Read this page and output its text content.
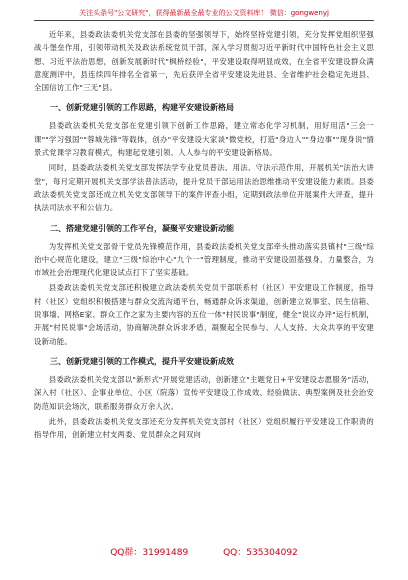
关注头条号"公文研究"，获得最新最全最专业的公文资料库！ 微信：gongwenyj

近年来，县委政法委机关党支部在县委的坚强领导下，始终坚持党建引领，充分发挥党组织坚强战斗堡垒作用，引领带动机关及政法系统党员干部，深入学习贯彻习近平新时代中国特色社会主义思想、习近平法治思想，创新发展新时代"枫桥经验"，平安建设取得明显成效，在全省平安建设群众满意度测评中，县连续四年排名全省第一，先后获评全省平安建设先进县、全省维护社会稳定先进县、全国信访工作"三无"县。

一、创新党建引领的工作思路，构建平安建设新格局

县委政法委机关党支部在党建引领下创新工作思路，建立常态化学习机制，用好用活"三会一课""学习强国""蓉城先锋"等载体，创办"平安建设大家谈"微党校，打造"身边人""身边事""现身说"情景式党课学习教育模式，构建起党建引领、人人参与的平安建设新格局。

同时，县委政法委机关党支部发挥法学专业党员普法、用法、守法示范作用，开展机关"法治大讲堂"，每月定期开展机关支部学法普法活动，提升党员干部运用法治思维推动平安建设能力素质。县委政法委机关党支部还成立机关党支部领导下的案件评查小组，定期到政法单位开展案件大评查，提升执法司法水平和公信力。

二、搭建党建引领的工作平台，凝聚平安建设新动能

为发挥机关党支部骨干党员先锋模范作用，县委政法委机关党支部牵头推动落实县镇村"三级"综治中心规范化建设，建立"三级"综治中心"九个一"管理制度，推动平安建设固基强身、力量整合，为市域社会治理现代化建设试点打下了坚实基础。

县委政法委机关党支部还积极建立政法委机关党员干部联系村（社区）平安建设工作制度，指导村（社区）党组织积极搭建与群众交流沟通平台，畅通群众诉求渠道，创新建立说事室、民生信箱、说事墙、网格E家、群众工作之家为主要内容的五位一体"村民说事"制度，健全"说议办评"运行机制，开展"村民说事"会场活动，协商解决群众诉求矛盾，凝聚起全民参与、人人支持、大众共享的平安建设新动能。

三、创新党建引领的工作模式，提升平安建设新成效

县委政法委机关党支部以"新形式"开展党建活动，创新建立"主题党日+平安建设志愿服务"活动，深入村（社区）、企事业单位、小区（院落）宣传平安建设工作成效、经验做法、典型案例及社会治安防范知识会场次，联系服务群众万余人次。

此外，县委政法委机关党支部还充分发挥机关党支部村（社区）党组织履行平安建设工作职责的指导作用，创新建立村支两委、党员群众之间双向

QQ群：31991489	QQ：535304092
